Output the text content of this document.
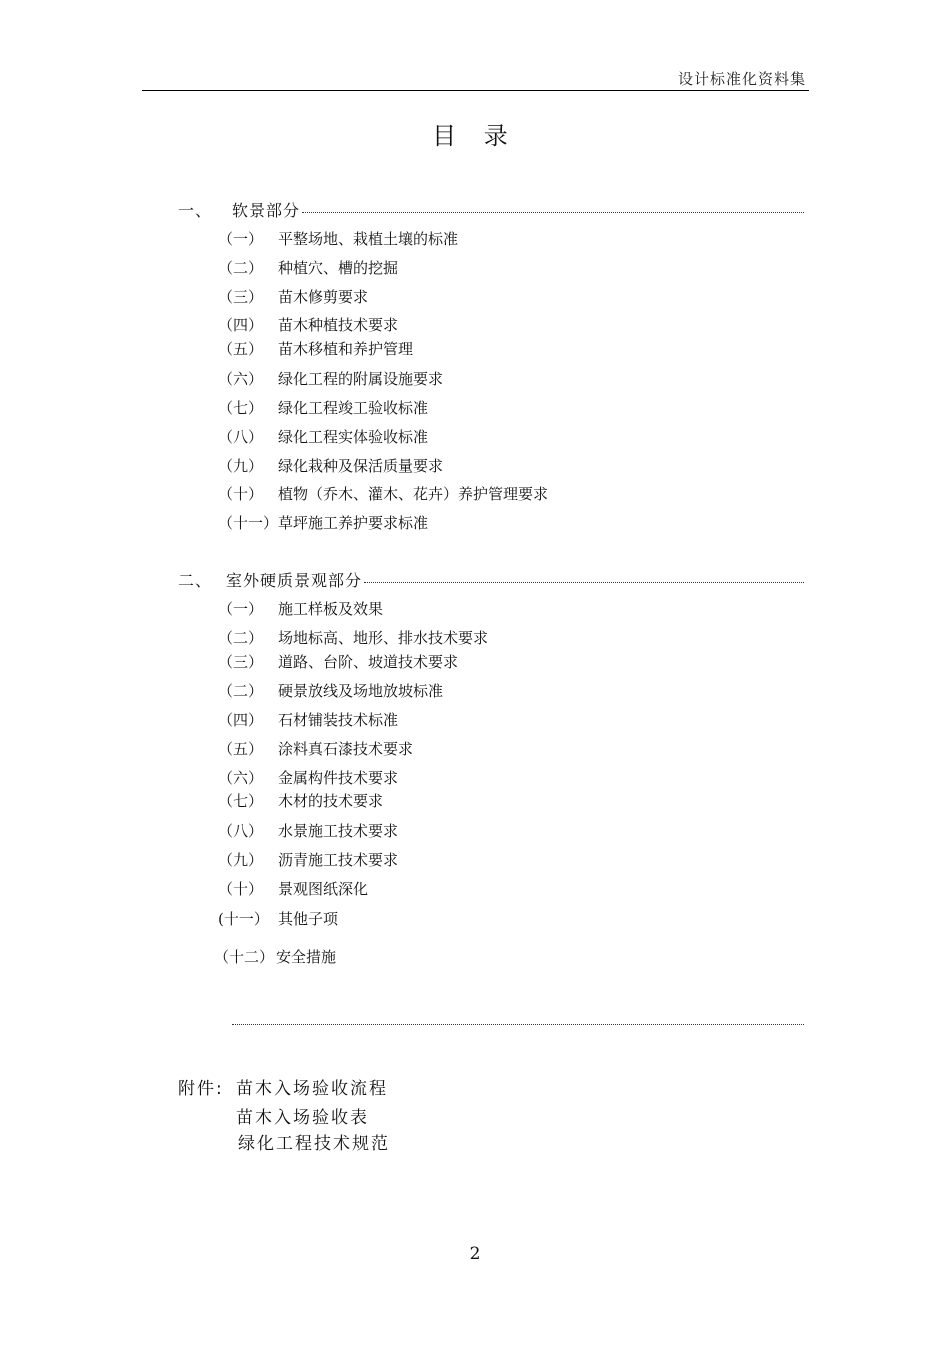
设计标准化资料集
目 录
一、	软景部分
（一） 平整场地、栽植土壤的标准
（二） 种植穴、槽的挖掘
（三） 苗木修剪要求
（四） 苗木种植技术要求
（五） 苗木移植和养护管理
（六） 绿化工程的附属设施要求
（七） 绿化工程竣工验收标准
（八） 绿化工程实体验收标准
（九） 绿化栽种及保活质量要求
（十） 植物（乔木、灌木、花卉）养护管理要求
（十一） 草坪施工养护要求标准
二、 室外硬质景观部分
（一） 施工样板及效果
（二） 场地标高、地形、排水技术要求
（三） 道路、台阶、坡道技术要求
（二） 硬景放线及场地放坡标准
（四） 石材铺装技术标准
（五） 涂料真石漆技术要求
（六） 金属构件技术要求
（七） 木材的技术要求
（八） 水景施工技术要求
（九） 沥青施工技术要求
（十） 景观图纸深化
(十一） 其他子项
（十二） 安全措施
附件: 苗木入场验收流程
苗木入场验收表
绿化工程技术规范
2
